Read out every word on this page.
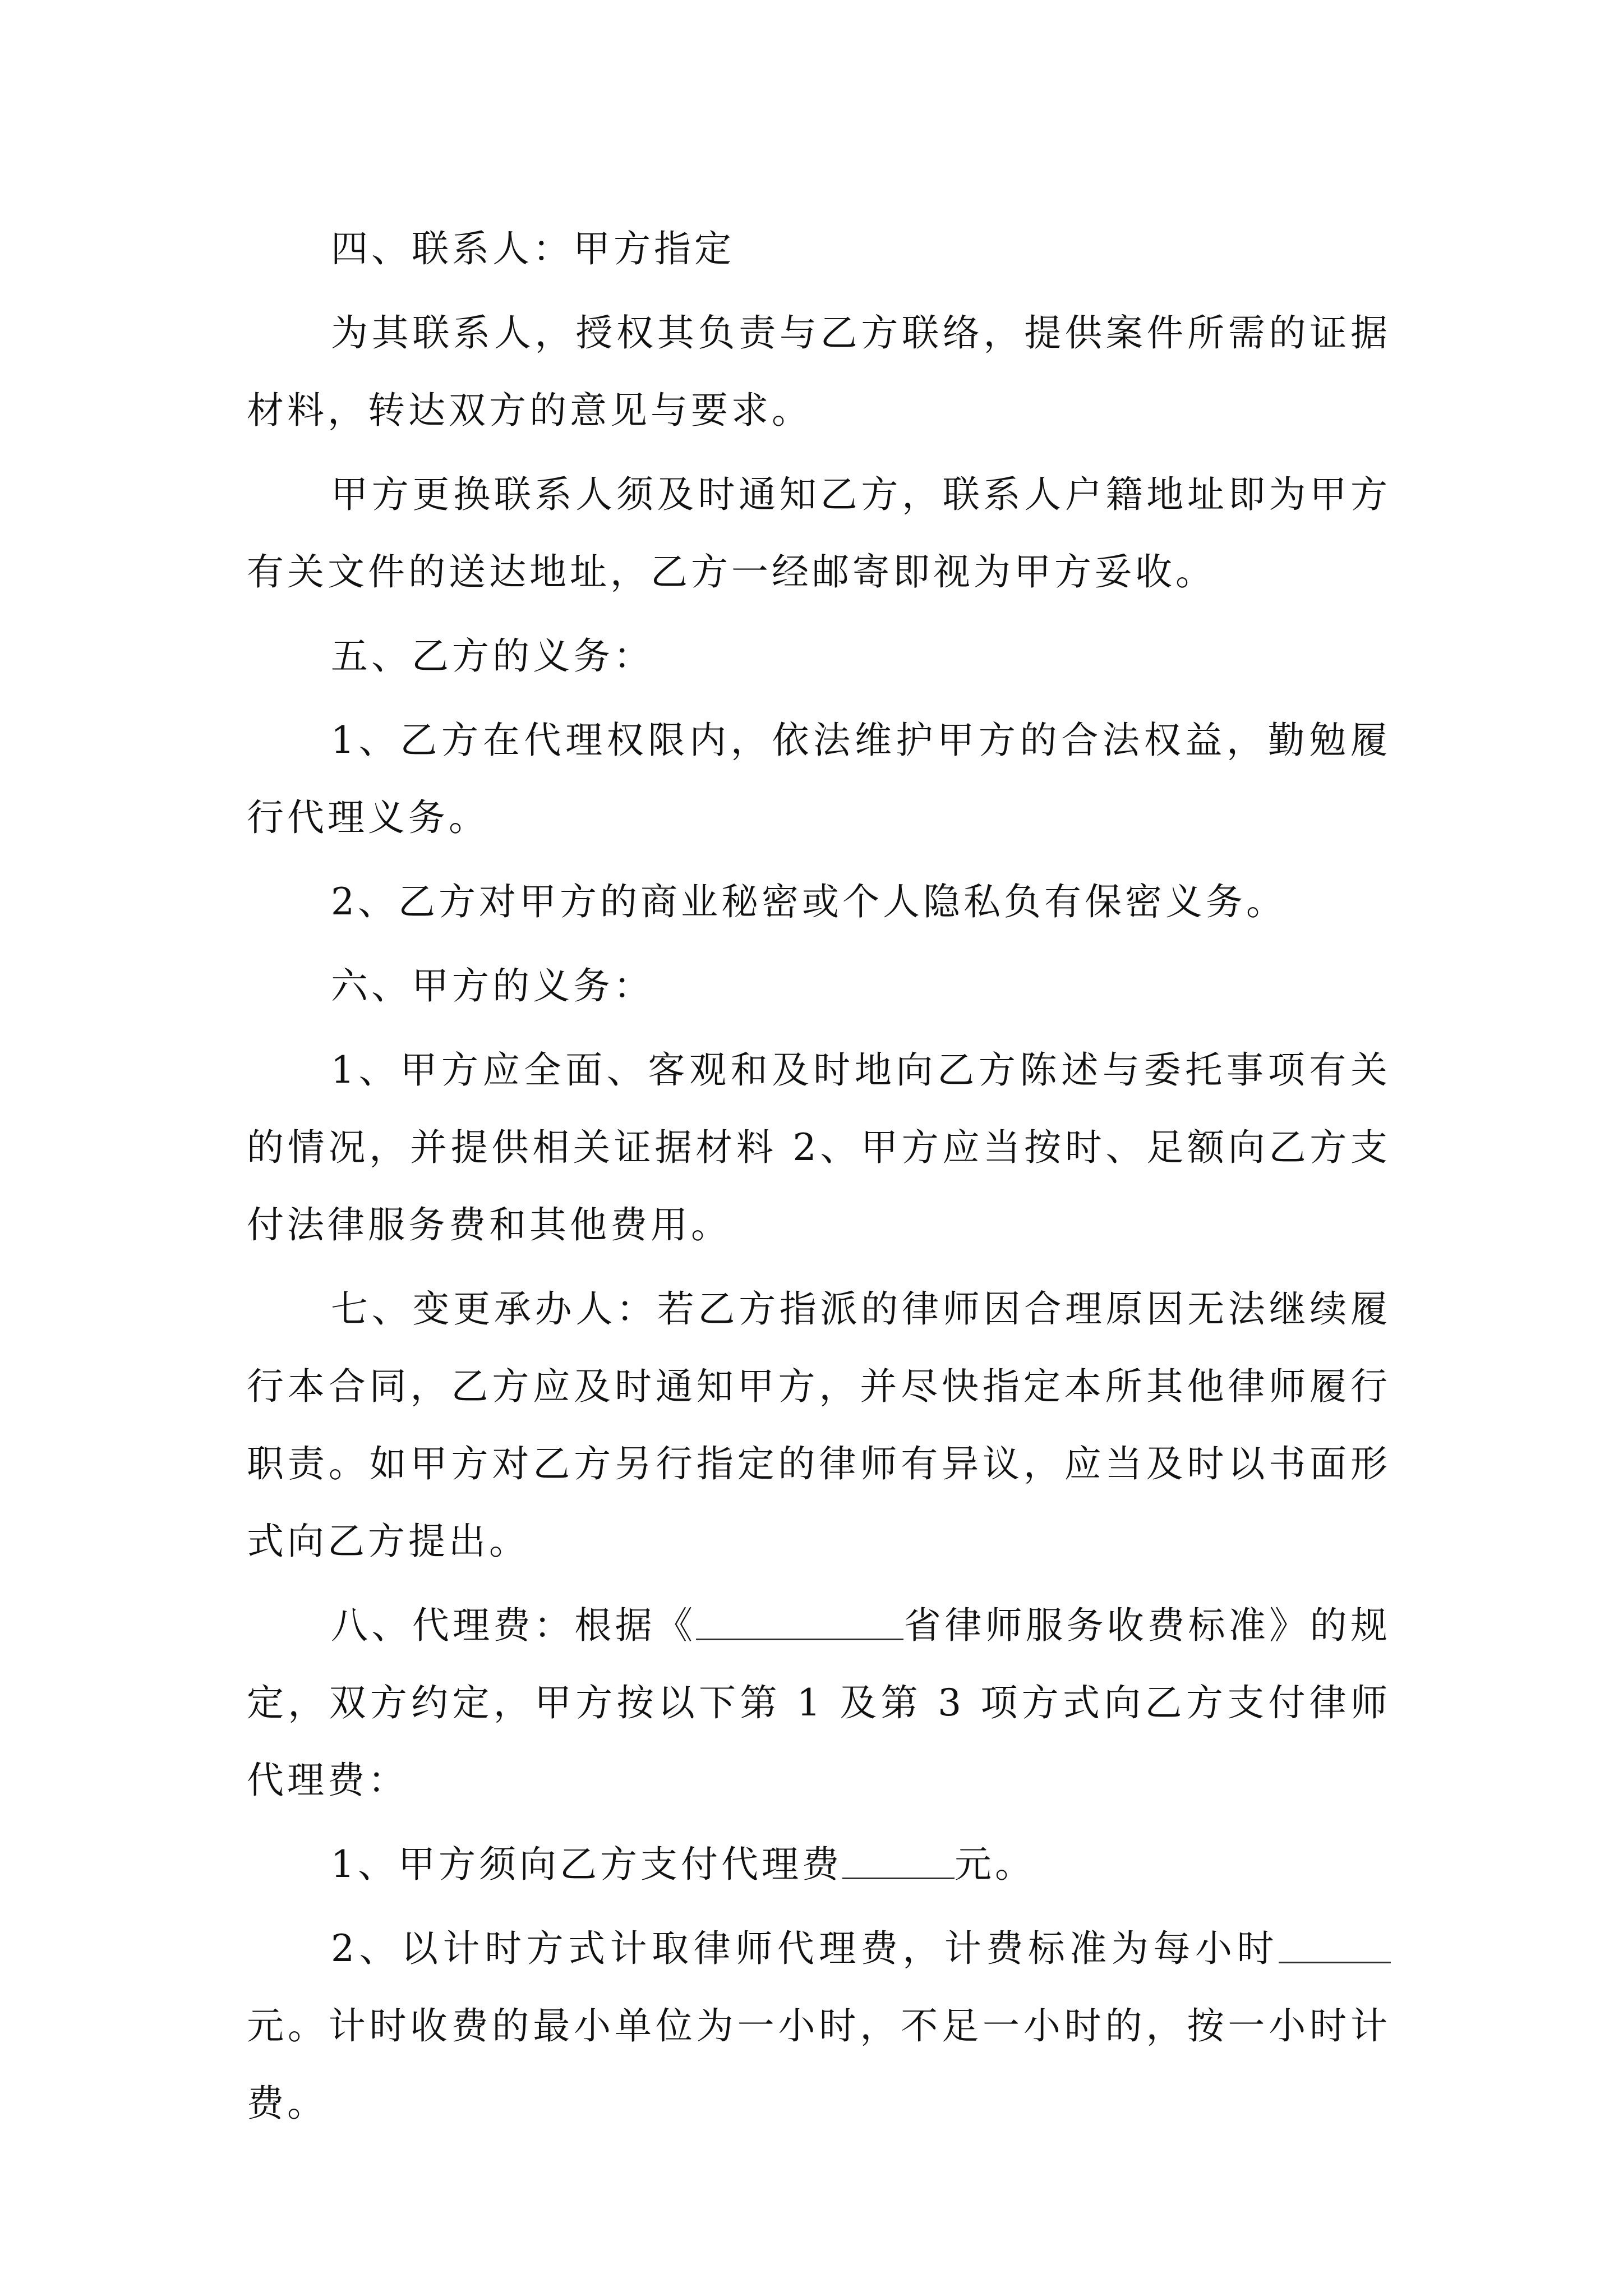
四、联系人：甲方指定

为其联系人，授权其负责与乙方联络，提供案件所需的证据材料，转达双方的意见与要求。

甲方更换联系人须及时通知乙方，联系人户籍地址即为甲方有关文件的送达地址，乙方一经邮寄即视为甲方妥收。

五、乙方的义务：

1、乙方在代理权限内，依法维护甲方的合法权益，勤勉履行代理义务。

2、乙方对甲方的商业秘密或个人隐私负有保密义务。

六、甲方的义务：

1、甲方应全面、客观和及时地向乙方陈述与委托事项有关的情况，并提供相关证据材料 2、甲方应当按时、足额向乙方支付法律服务费和其他费用。

七、变更承办人：若乙方指派的律师因合理原因无法继续履行本合同，乙方应及时通知甲方，并尽快指定本所其他律师履行职责。如甲方对乙方另行指定的律师有异议，应当及时以书面形式向乙方提出。

八、代理费：根据《	省律师服务收费标准》的规定，双方约定，甲方按以下第 1 及第 3 项方式向乙方支付律师代理费：

1、甲方须向乙方支付代理费	元。

2、以计时方式计取律师代理费，计费标准为每小时元。计时收费的最小单位为一小时，不足一小时的，按一小时计费。
